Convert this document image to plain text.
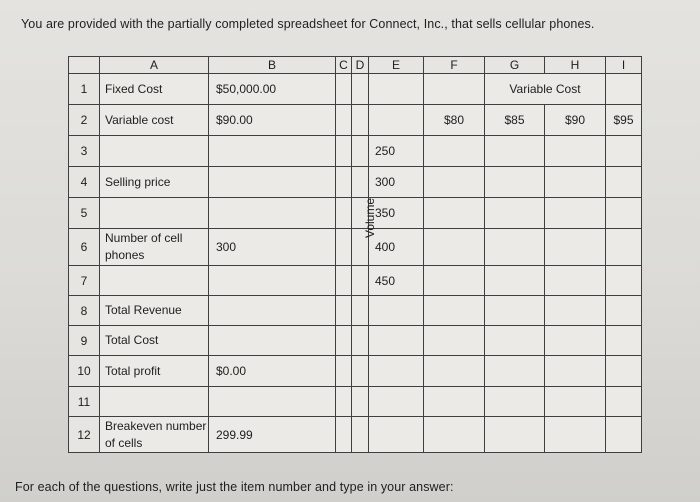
You are provided with the partially completed spreadsheet for Connect, Inc., that sells cellular phones.

	A	B	C	D	E	F	G	H	I
1	Fixed Cost	$50,000.00					Variable Cost		
2	Variable cost	$90.00				$80	$85	$90	$95
3					250				
4	Selling price				300				
5					350				
6	Number of cell phones	300			400				
7					450				
8	Total Revenue								
9	Total Cost								
10	Total profit	$0.00							
11									
12	Breakeven number of cells	299.99							
Volume

For each of the questions, write just the item number and type in your answer:
